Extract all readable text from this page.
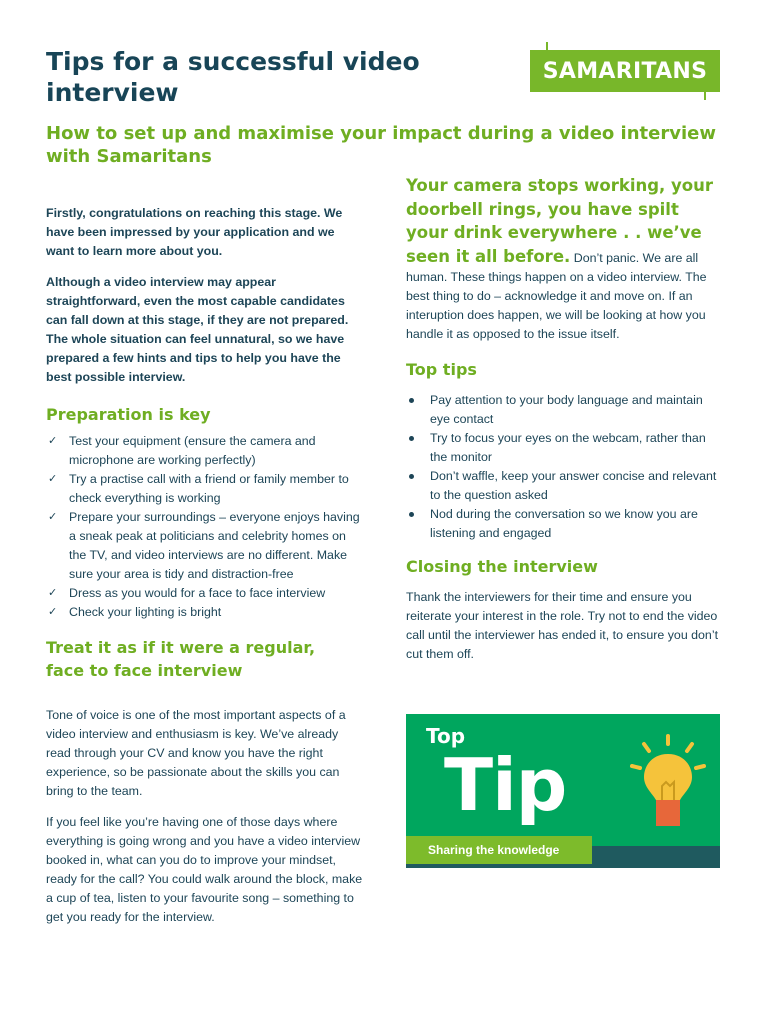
Tips for a successful video interview
SAMARITANS
How to set up and maximise your impact during a video interview with Samaritans

Firstly, congratulations on reaching this stage. We have been impressed by your application and we want to learn more about you.

Although a video interview may appear straightforward, even the most capable candidates can fall down at this stage, if they are not prepared. The whole situation can feel unnatural, so we have prepared a few hints and tips to help you have the best possible interview.

Preparation is key
✓ Test your equipment (ensure the camera and microphone are working perfectly)
✓ Try a practise call with a friend or family member to check everything is working
✓ Prepare your surroundings – everyone enjoys having a sneak peak at politicians and celebrity homes on the TV, and video interviews are no different. Make sure your area is tidy and distraction-free
✓ Dress as you would for a face to face interview
✓ Check your lighting is bright
Treat it as if it were a regular,
face to face interview

Tone of voice is one of the most important aspects of a video interview and enthusiasm is key. We’ve already read through your CV and know you have the right experience, so be passionate about the skills you can bring to the team.

If you feel like you’re having one of those days where everything is going wrong and you have a video interview booked in, what can you do to improve your mindset, ready for the call? You could walk around the block, make a cup of tea, listen to your favourite song – something to get you ready for the interview.

Your camera stops working, your doorbell rings, you have spilt your drink everywhere . . we’ve seen it all before. Don’t panic. We are all human. These things happen on a video interview. The best thing to do – acknowledge it and move on. If an interuption does happen, we will be looking at how you handle it as opposed to the issue itself.

Top tips
Pay attention to your body language and maintain eye contact
Try to focus your eyes on the webcam, rather than the monitor
Don’t waffle, keep your answer concise and relevant to the question asked
Nod during the conversation so we know you are listening and engaged
Closing the interview

Thank the interviewers for their time and ensure you reiterate your interest in the role. Try not to end the video call until the interviewer has ended it, to ensure you don’t cut them off.

Top
Tip
Sharing the knowledge
